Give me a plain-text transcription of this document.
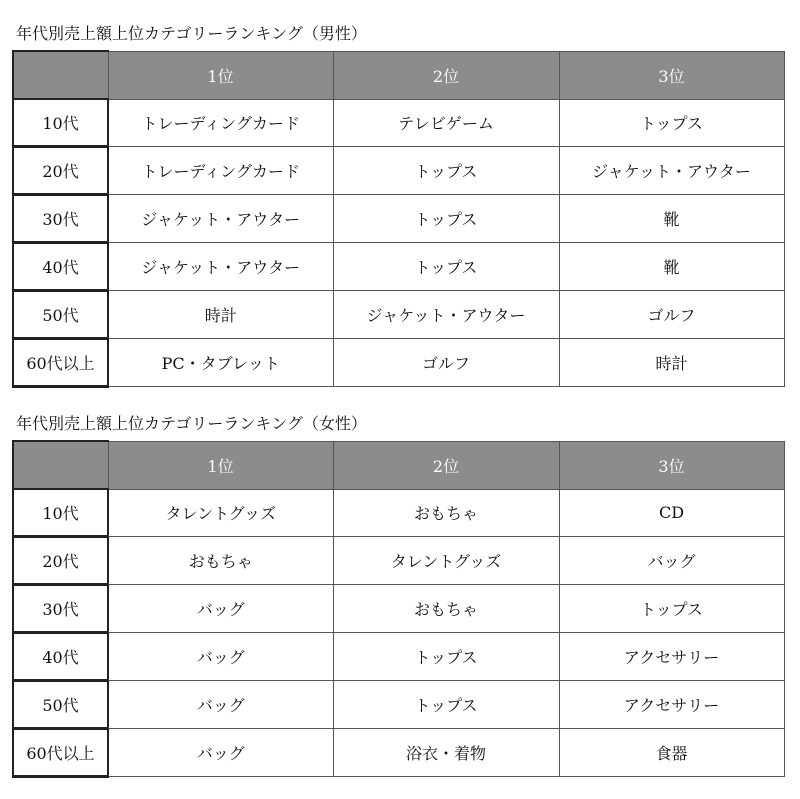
年代別売上額上位カテゴリーランキング（男性）
	1位	2位	3位
10代	トレーディングカード	テレビゲーム	トップス
20代	トレーディングカード	トップス	ジャケット・アウター
30代	ジャケット・アウター	トップス	靴
40代	ジャケット・アウター	トップス	靴
50代	時計	ジャケット・アウター	ゴルフ
60代以上	PC・タブレット	ゴルフ	時計
年代別売上額上位カテゴリーランキング（女性）
	1位	2位	3位
10代	タレントグッズ	おもちゃ	CD
20代	おもちゃ	タレントグッズ	バッグ
30代	バッグ	おもちゃ	トップス
40代	バッグ	トップス	アクセサリー
50代	バッグ	トップス	アクセサリー
60代以上	バッグ	浴衣・着物	食器
